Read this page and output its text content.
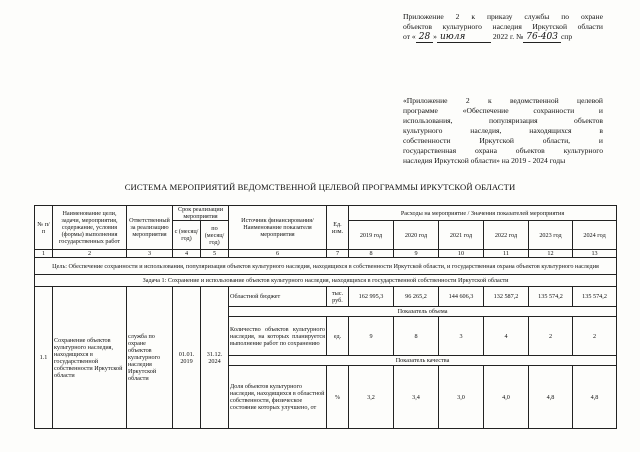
Приложение 2 к приказу службы по охране
объектов культурного наследия Иркутской области
от « 28 » июля	2022 г. № 76-403 спр
«Приложение 2 к ведомственной целевой
программе «Обеспечение сохранности и
использования, популяризация объектов
культурного наследия, находящихся в
собственности Иркутской области, и
государственная охрана объектов культурного
наследия Иркутской области» на 2019 - 2024 годы
СИСТЕМА МЕРОПРИЯТИЙ ВЕДОМСТВЕННОЙ ЦЕЛЕВОЙ ПРОГРАММЫ ИРКУТСКОЙ ОБЛАСТИ
№ п/п	Наименование цели, задачи, мероприятия, содержание, условия (формы) выполнения государственных работ	Ответственный за реализацию мероприятия	Срок реализации мероприятия		Источник финансирования/ Наименование показателя мероприятия	Ед. изм.	Расходы на мероприятие / Значения показателей мероприятия					
			с (месяц/год)	по (месяц/год)			2019 год	2020 год	2021 год	2022 год	2023 год	2024 год
1	2	3	4	5	6	7	8	9	10	11	12	13
Цель: Обеспечение сохранности и использования, популяризация объектов культурного наследия, находящихся в собственности Иркутской области, и государственная охрана объектов культурного наследия												
Задача 1: Сохранение и использование объектов культурного наследия, находящихся в государственной собственности Иркутской области												
1.1	Сохранение объектов культурного наследия, находящихся в государственной собственности Иркутской области	служба по охране объектов культурного наследия Иркутской области	01.01. 2019	31.12. 2024	Областной бюджет	тыс. руб.	162 995,3	96 265,2	144 606,3	132 587,2	135 574,2	135 574,2
					Показатель объема							
					Количество объектов культурного наследия, на которых планируется выполнение работ по сохранению	ед.	9	8	3	4	2	2
					Показатель качества							
					Доля объектов культурного наследия, находящихся в областной собственности, физическое состояние которых улучшено, от	%	3,2	3,4	3,0	4,0	4,8	4,8
